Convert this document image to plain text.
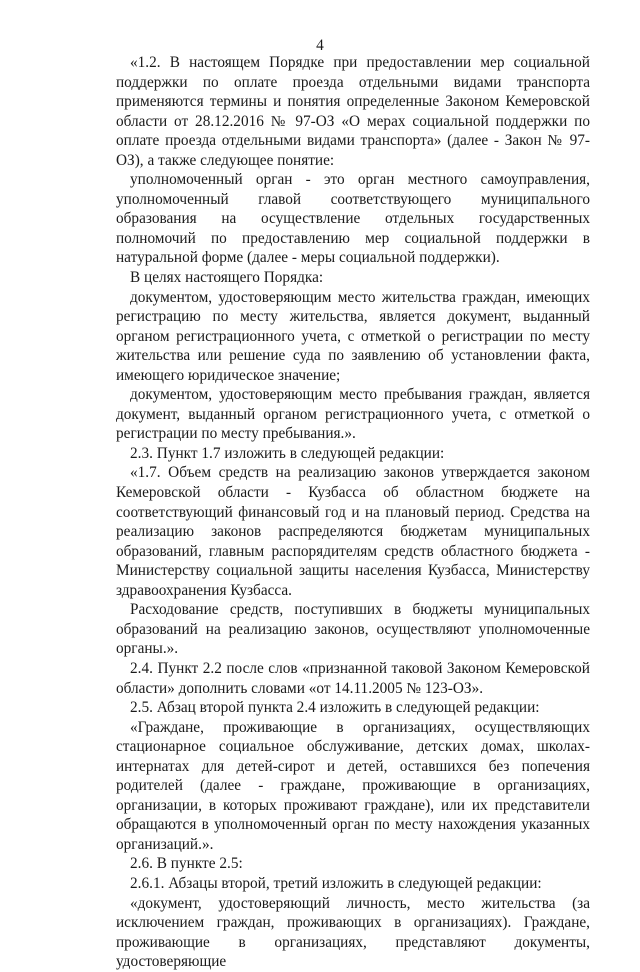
4

«1.2. В настоящем Порядке при предоставлении мер социальной поддержки по оплате проезда отдельными видами транспорта применяются термины и понятия определенные Законом Кемеровской области от 28.12.2016 № 97-ОЗ «О мерах социальной поддержки по оплате проезда отдельными видами транспорта» (далее - Закон № 97-ОЗ), а также следующее понятие:

уполномоченный орган - это орган местного самоуправления, уполномоченный главой соответствующего муниципального образования на осуществление отдельных государственных полномочий по предоставлению мер социальной поддержки в натуральной форме (далее - меры социальной поддержки).

В целях настоящего Порядка:

документом, удостоверяющим место жительства граждан, имеющих регистрацию по месту жительства, является документ, выданный органом регистрационного учета, с отметкой о регистрации по месту жительства или решение суда по заявлению об установлении факта, имеющего юридическое значение;

документом, удостоверяющим место пребывания граждан, является документ, выданный органом регистрационного учета, с отметкой о регистрации по месту пребывания.».

2.3. Пункт 1.7 изложить в следующей редакции:

«1.7. Объем средств на реализацию законов утверждается законом Кемеровской области - Кузбасса об областном бюджете на соответствующий финансовый год и на плановый период. Средства на реализацию законов распределяются бюджетам муниципальных образований, главным распорядителям средств областного бюджета - Министерству социальной защиты населения Кузбасса, Министерству здравоохранения Кузбасса.

Расходование средств, поступивших в бюджеты муниципальных образований на реализацию законов, осуществляют уполномоченные органы.».

2.4. Пункт 2.2 после слов «признанной таковой Законом Кемеровской области» дополнить словами «от 14.11.2005 № 123-ОЗ».

2.5. Абзац второй пункта 2.4 изложить в следующей редакции:

«Граждане, проживающие в организациях, осуществляющих стационарное социальное обслуживание, детских домах, школах-интернатах для детей-сирот и детей, оставшихся без попечения родителей (далее - граждане, проживающие в организациях, организации, в которых проживают граждане), или их представители обращаются в уполномоченный орган по месту нахождения указанных организаций.».

2.6. В пункте 2.5:

2.6.1. Абзацы второй, третий изложить в следующей редакции:

«документ, удостоверяющий личность, место жительства (за исключением граждан, проживающих в организациях). Граждане, проживающие в организациях, представляют документы, удостоверяющие
